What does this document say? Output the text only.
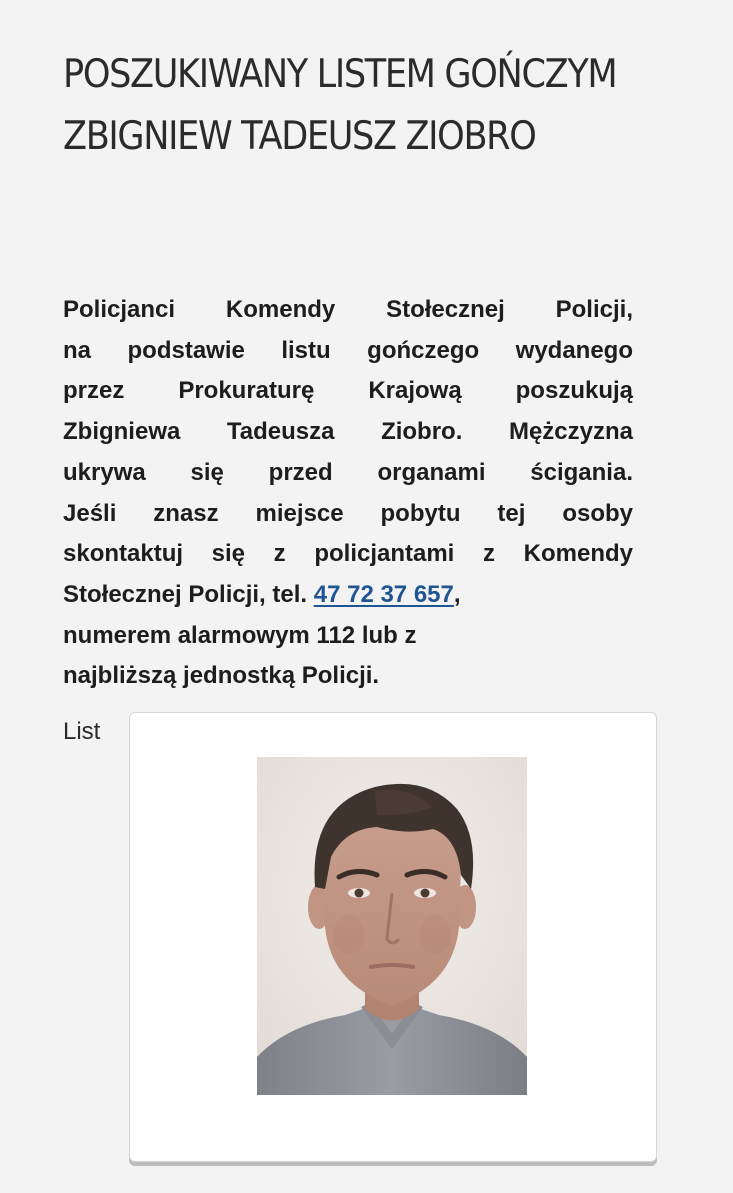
POSZUKIWANY LISTEM GOŃCZYM ZBIGNIEW TADEUSZ ZIOBRO

Policjanci Komendy Stołecznej Policji,
na podstawie listu gończego wydanego
przez Prokuraturę Krajową poszukują
Zbigniewa Tadeusza Ziobro. Mężczyzna
ukrywa się przed organami ścigania.
Jeśli znasz miejsce pobytu tej osoby
skontaktuj się z policjantami z Komendy
Stołecznej Policji, tel. 47 72 37 657,
numerem alarmowym 112 lub z
najbliższą jednostką Policji.

List
